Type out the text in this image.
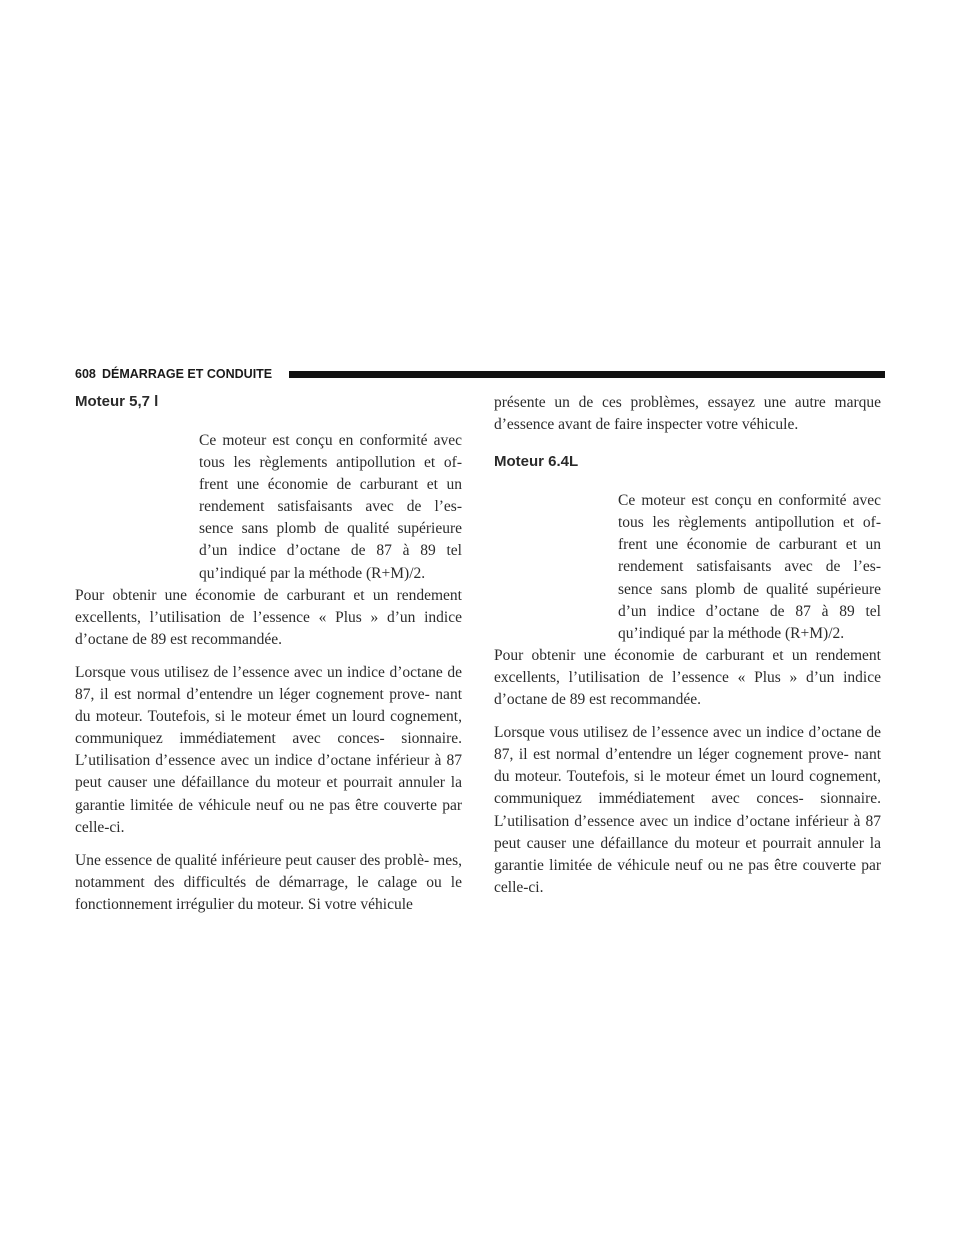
608 DÉMARRAGE ET CONDUITE
Moteur 5,7 l

Ce moteur est conçu en conformité avec tous les règlements antipollution et of- frent une économie de carburant et un rendement satisfaisants avec de l’es- sence sans plomb de qualité supérieure d’un indice d’octane de 87 à 89 tel qu’indiqué par la méthode (R+M)/2.

Pour obtenir une économie de carburant et un rendement excellents, l’utilisation de l’essence « Plus » d’un indice d’octane de 89 est recommandée.

Lorsque vous utilisez de l’essence avec un indice d’octane de 87, il est normal d’entendre un léger cognement prove- nant du moteur. Toutefois, si le moteur émet un lourd cognement, communiquez immédiatement avec conces- sionnaire. L’utilisation d’essence avec un indice d’octane inférieur à 87 peut causer une défaillance du moteur et pourrait annuler la garantie limitée de véhicule neuf ou ne pas être couverte par celle-ci.

Une essence de qualité inférieure peut causer des problè- mes, notamment des difficultés de démarrage, le calage ou le fonctionnement irrégulier du moteur. Si votre véhicule

présente un de ces problèmes, essayez une autre marque d’essence avant de faire inspecter votre véhicule.

Moteur 6.4L

Ce moteur est conçu en conformité avec tous les règlements antipollution et of- frent une économie de carburant et un rendement satisfaisants avec de l’es- sence sans plomb de qualité supérieure d’un indice d’octane de 87 à 89 tel qu’indiqué par la méthode (R+M)/2.

Pour obtenir une économie de carburant et un rendement excellents, l’utilisation de l’essence « Plus » d’un indice d’octane de 89 est recommandée.

Lorsque vous utilisez de l’essence avec un indice d’octane de 87, il est normal d’entendre un léger cognement prove- nant du moteur. Toutefois, si le moteur émet un lourd cognement, communiquez immédiatement avec conces- sionnaire. L’utilisation d’essence avec un indice d’octane inférieur à 87 peut causer une défaillance du moteur et pourrait annuler la garantie limitée de véhicule neuf ou ne pas être couverte par celle-ci.
